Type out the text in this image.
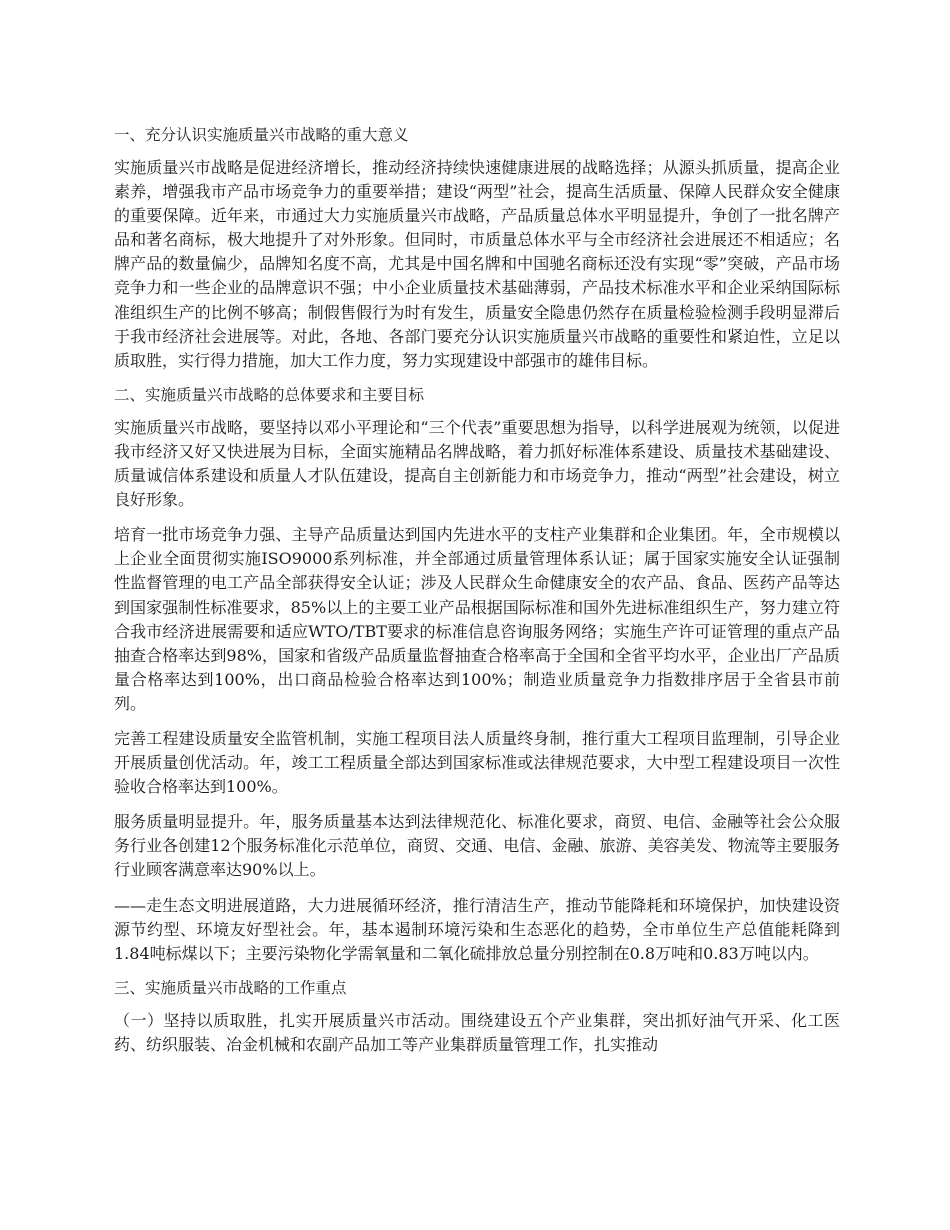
一、充分认识实施质量兴市战略的重大意义

实施质量兴市战略是促进经济增长，推动经济持续快速健康进展的战略选择；从源头抓质量，提高企业素养，增强我市产品市场竞争力的重要举措；建设“两型”社会，提高生活质量、保障人民群众安全健康的重要保障。近年来，市通过大力实施质量兴市战略，产品质量总体水平明显提升，争创了一批名牌产品和著名商标，极大地提升了对外形象。但同时，市质量总体水平与全市经济社会进展还不相适应；名牌产品的数量偏少，品牌知名度不高，尤其是中国名牌和中国驰名商标还没有实现“零”突破，产品市场竞争力和一些企业的品牌意识不强；中小企业质量技术基础薄弱，产品技术标准水平和企业采纳国际标准组织生产的比例不够高；制假售假行为时有发生，质量安全隐患仍然存在质量检验检测手段明显滞后于我市经济社会进展等。对此，各地、各部门要充分认识实施质量兴市战略的重要性和紧迫性，立足以质取胜，实行得力措施，加大工作力度，努力实现建设中部强市的雄伟目标。

二、实施质量兴市战略的总体要求和主要目标

实施质量兴市战略，要坚持以邓小平理论和“三个代表”重要思想为指导，以科学进展观为统领，以促进我市经济又好又快进展为目标，全面实施精品名牌战略，着力抓好标准体系建设、质量技术基础建设、质量诚信体系建设和质量人才队伍建设，提高自主创新能力和市场竞争力，推动“两型”社会建设，树立良好形象。

培育一批市场竞争力强、主导产品质量达到国内先进水平的支柱产业集群和企业集团。年，全市规模以上企业全面贯彻实施ISO9000系列标准，并全部通过质量管理体系认证；属于国家实施安全认证强制性监督管理的电工产品全部获得安全认证；涉及人民群众生命健康安全的农产品、食品、医药产品等达到国家强制性标准要求，85%以上的主要工业产品根据国际标准和国外先进标准组织生产，努力建立符合我市经济进展需要和适应WTO/TBT要求的标准信息咨询服务网络；实施生产许可证管理的重点产品抽查合格率达到98%，国家和省级产品质量监督抽查合格率高于全国和全省平均水平，企业出厂产品质量合格率达到100%，出口商品检验合格率达到100%；制造业质量竞争力指数排序居于全省县市前列。

完善工程建设质量安全监管机制，实施工程项目法人质量终身制，推行重大工程项目监理制，引导企业开展质量创优活动。年，竣工工程质量全部达到国家标准或法律规范要求，大中型工程建设项目一次性验收合格率达到100%。

服务质量明显提升。年，服务质量基本达到法律规范化、标准化要求，商贸、电信、金融等社会公众服务行业各创建12个服务标准化示范单位，商贸、交通、电信、金融、旅游、美容美发、物流等主要服务行业顾客满意率达90%以上。

——走生态文明进展道路，大力进展循环经济，推行清洁生产，推动节能降耗和环境保护，加快建设资源节约型、环境友好型社会。年，基本遏制环境污染和生态恶化的趋势，全市单位生产总值能耗降到1.84吨标煤以下；主要污染物化学需氧量和二氧化硫排放总量分别控制在0.8万吨和0.83万吨以内。

三、实施质量兴市战略的工作重点

（一）坚持以质取胜，扎实开展质量兴市活动。围绕建设五个产业集群，突出抓好油气开采、化工医药、纺织服装、冶金机械和农副产品加工等产业集群质量管理工作，扎实推动
